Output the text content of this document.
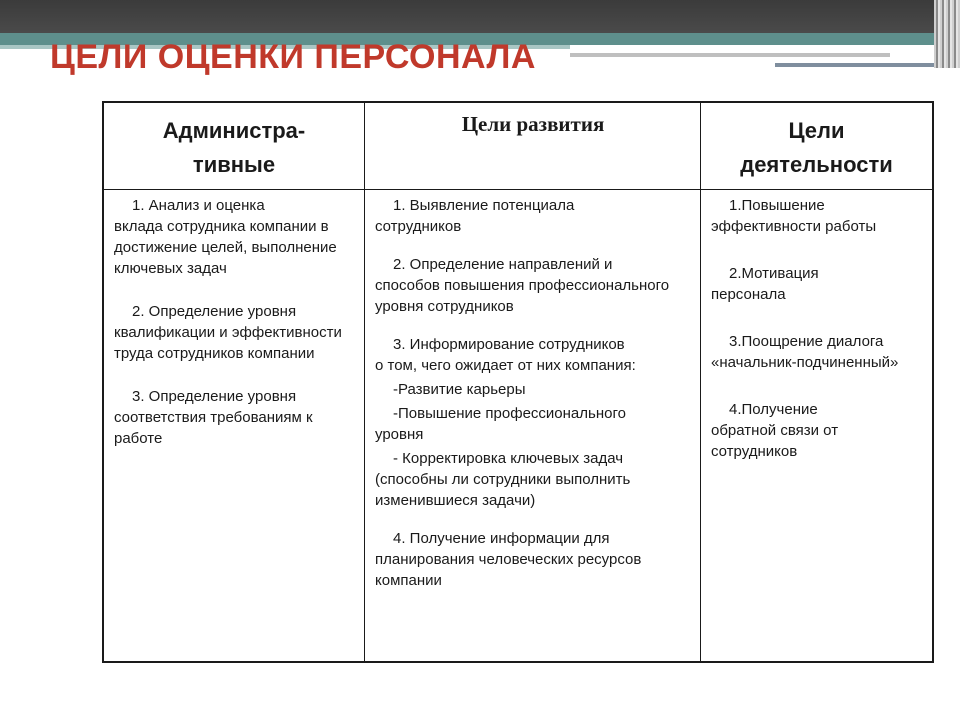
ЦЕЛИ ОЦЕНКИ ПЕРСОНАЛА
Администра-
тивные
1. Анализ и оценка
вклада сотрудника компании в достижение целей, выполнение ключевых задач
2. Определение уровня
квалификации и эффективности труда сотрудников компании
3. Определение уровня
соответствия требованиям к работе
Цели развития
1. Выявление потенциала
сотрудников
2. Определение направлений и
способов повышения профессионального уровня сотрудников
3. Информирование сотрудников
о том, чего ожидает от них компания:
-Развитие карьеры
-Повышение профессионального
уровня
- Корректировка ключевых задач
(способны ли сотрудники выполнить изменившиеся задачи)
4. Получение информации для
планирования человеческих ресурсов компании
Цели
деятельности
1.Повышение
эффективности работы
2.Мотивация
персонала
3.Поощрение диалога
«начальник-подчиненный»
4.Получение
обратной связи от сотрудников
